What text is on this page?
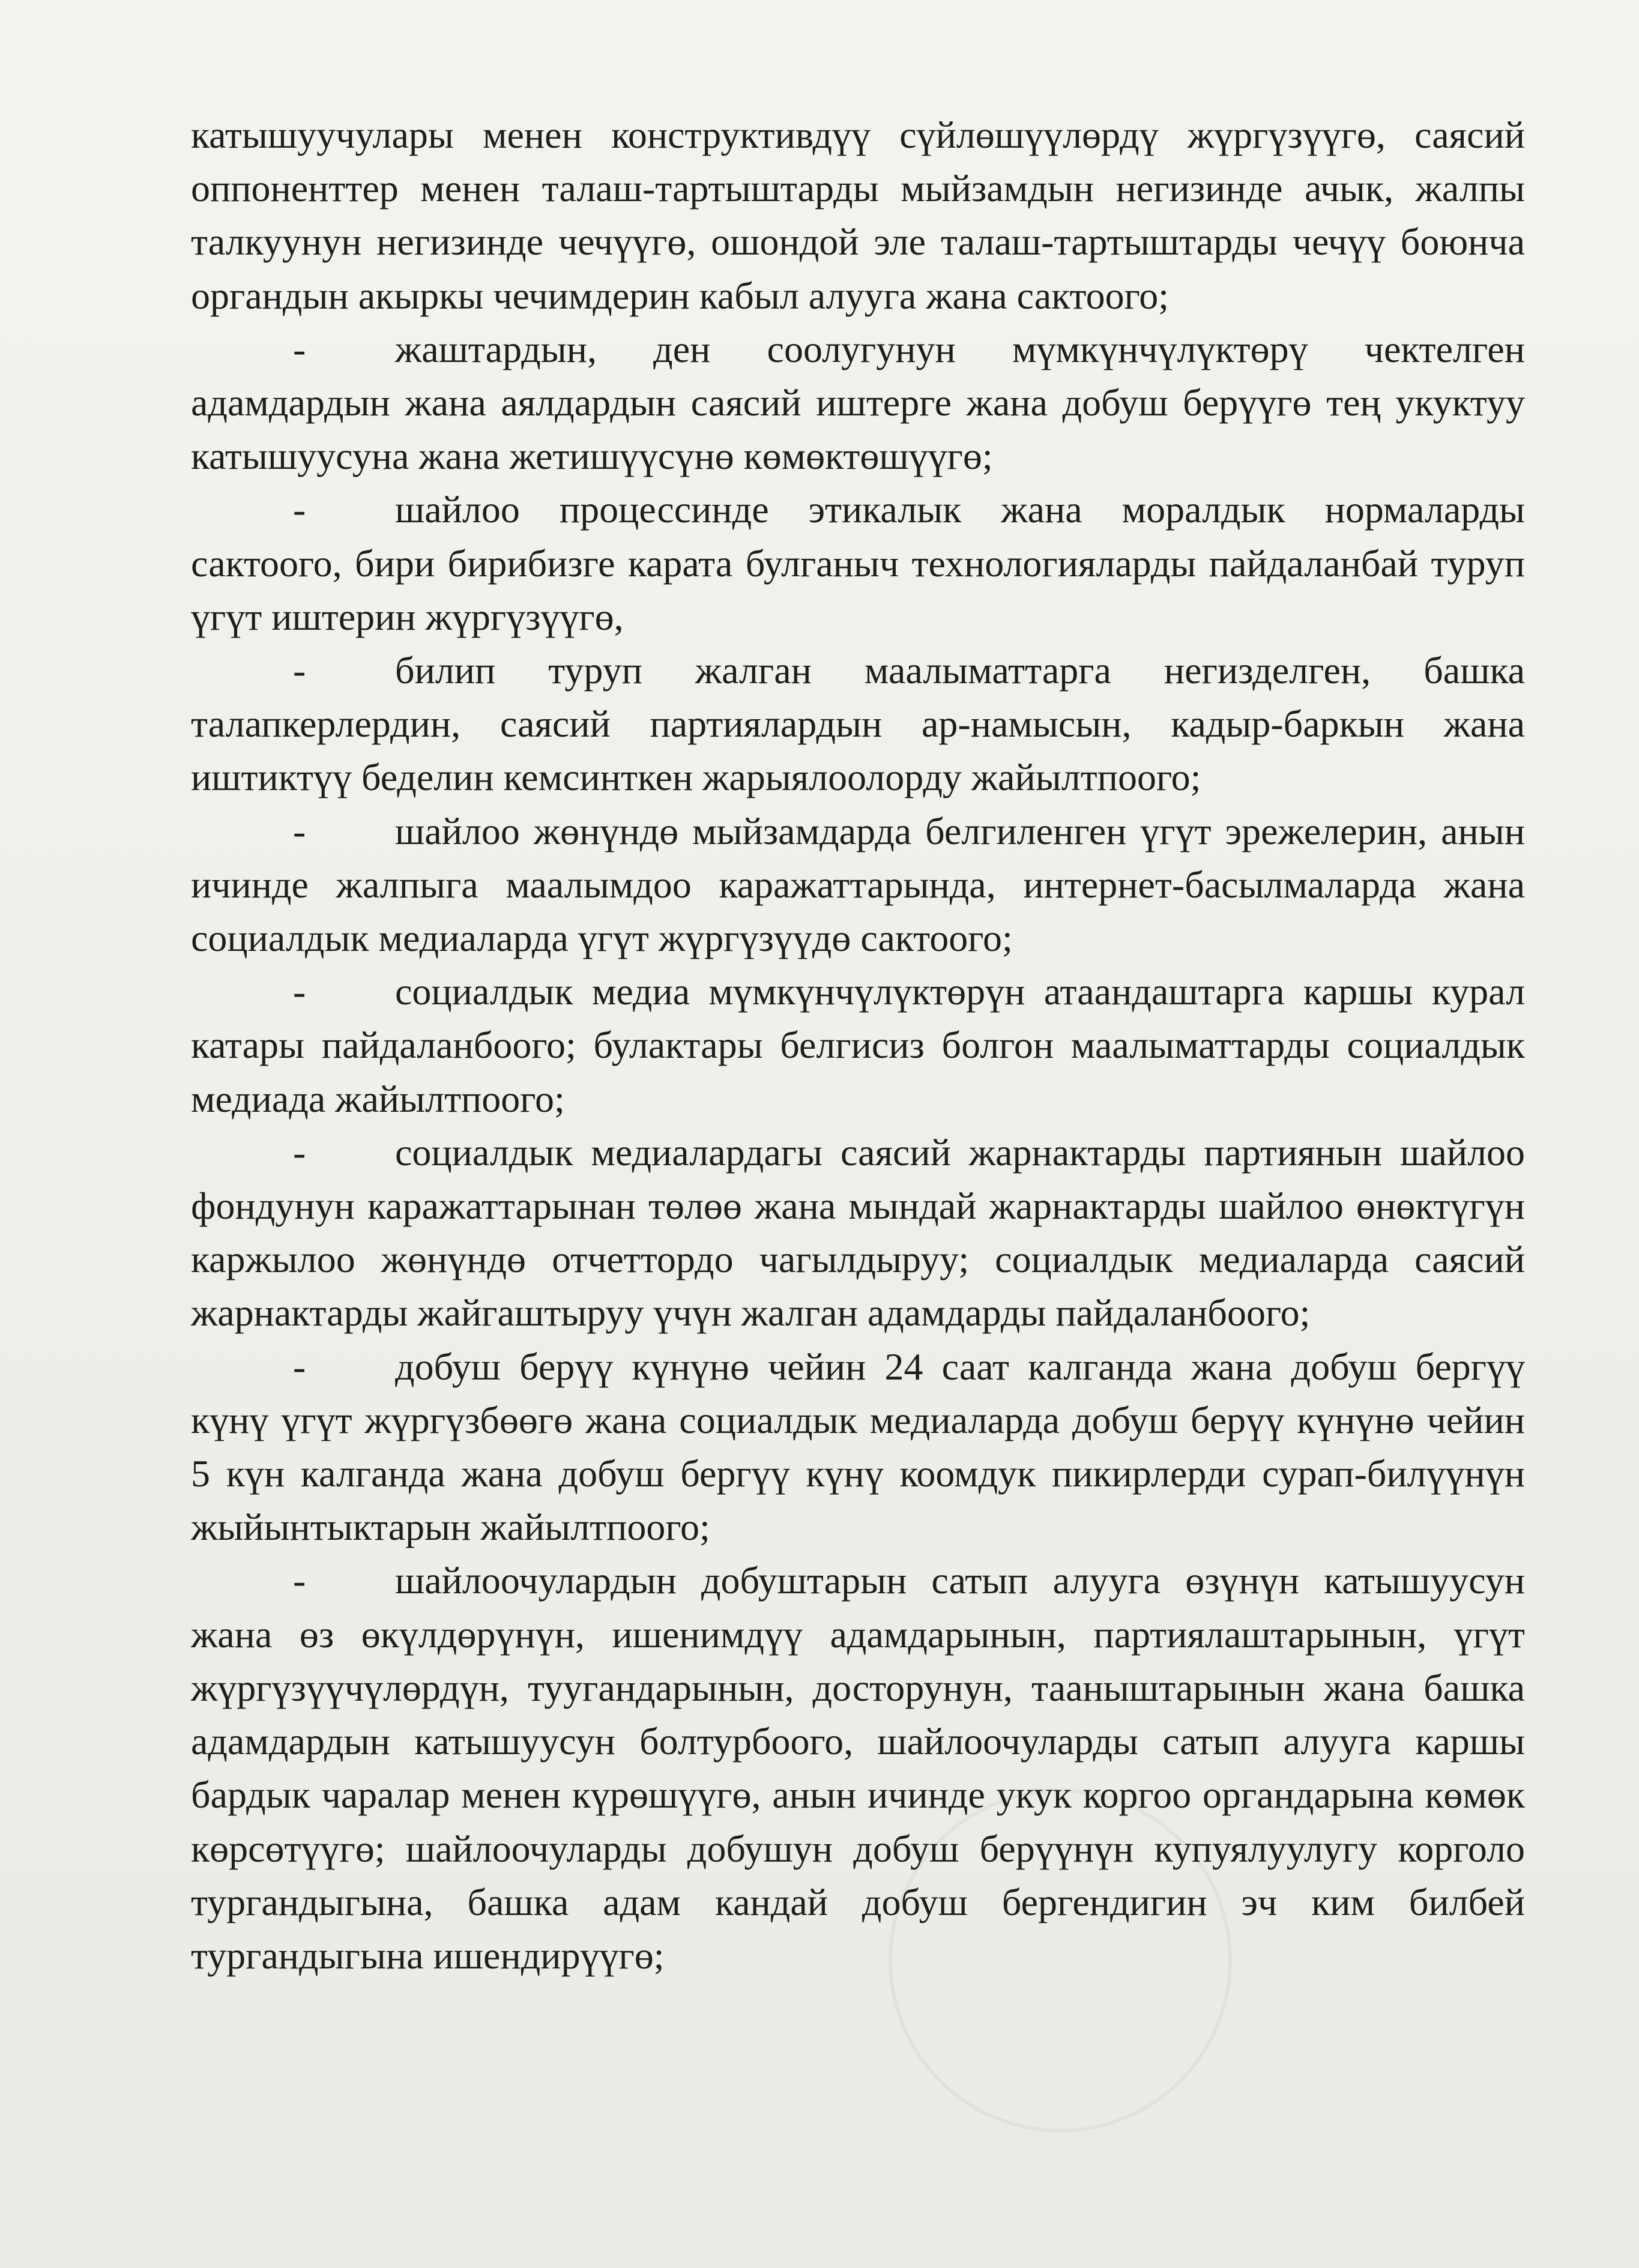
катышуучулары менен конструктивдүү сүйлөшүүлөрдү жүргүзүүгө, саясий оппоненттер менен талаш-тартыштарды мыйзамдын негизинде ачык, жалпы талкуунун негизинде чечүүгө, ошондой эле талаш-тартыштарды чечүү боюнча органдын акыркы чечимдерин кабыл алууга жана сактоого;

- жаштардын, ден соолугунун мүмкүнчүлүктөрү чектелген адамдардын жана аялдардын саясий иштерге жана добуш берүүгө тең укуктуу катышуусуна жана жетишүүсүнө көмөктөшүүгө;

- шайлоо процессинде этикалык жана моралдык нормаларды сактоого, бири бирибизге карата булганыч технологияларды пайдаланбай туруп үгүт иштерин жүргүзүүгө,

- билип туруп жалган маалыматтарга негизделген, башка талапкерлердин, саясий партиялардын ар-намысын, кадыр-баркын жана иштиктүү беделин кемсинткен жарыялоолорду жайылтпоого;

- шайлоо жөнүндө мыйзамдарда белгиленген үгүт эрежелерин, анын ичинде жалпыга маалымдоо каражаттарында, интернет-басылмаларда жана социалдык медиаларда үгүт жүргүзүүдө сактоого;

- социалдык медиа мүмкүнчүлүктөрүн атаандаштарга каршы курал катары пайдаланбоого; булактары белгисиз болгон маалыматтарды социалдык медиада жайылтпоого;

- социалдык медиалардагы саясий жарнактарды партиянын шайлоо фондунун каражаттарынан төлөө жана мындай жарнактарды шайлоо өнөктүгүн каржылоо жөнүндө отчеттордо чагылдыруу; социалдык медиаларда саясий жарнактарды жайгаштыруу үчүн жалган адамдарды пайдаланбоого;

- добуш берүү күнүнө чейин 24 саат калганда жана добуш бергүү күнү үгүт жүргүзбөөгө жана социалдык медиаларда добуш берүү күнүнө чейин 5 күн калганда жана добуш бергүү күнү коомдук пикирлерди сурап-билүүнүн жыйынтыктарын жайылтпоого;

- шайлоочулардын добуштарын сатып алууга өзүнүн катышуусун жана өз өкүлдөрүнүн, ишенимдүү адамдарынын, партиялаштарынын, үгүт жүргүзүүчүлөрдүн, туугандарынын, досторунун, тааныштарынын жана башка адамдардын катышуусун болтурбоого, шайлоочуларды сатып алууга каршы бардык чаралар менен күрөшүүгө, анын ичинде укук коргоо органдарына көмөк көрсөтүүгө; шайлоочуларды добушун добуш берүүнүн купуялуулугу корголо тургандыгына, башка адам кандай добуш бергендигин эч ким билбей тургандыгына ишендирүүгө;
